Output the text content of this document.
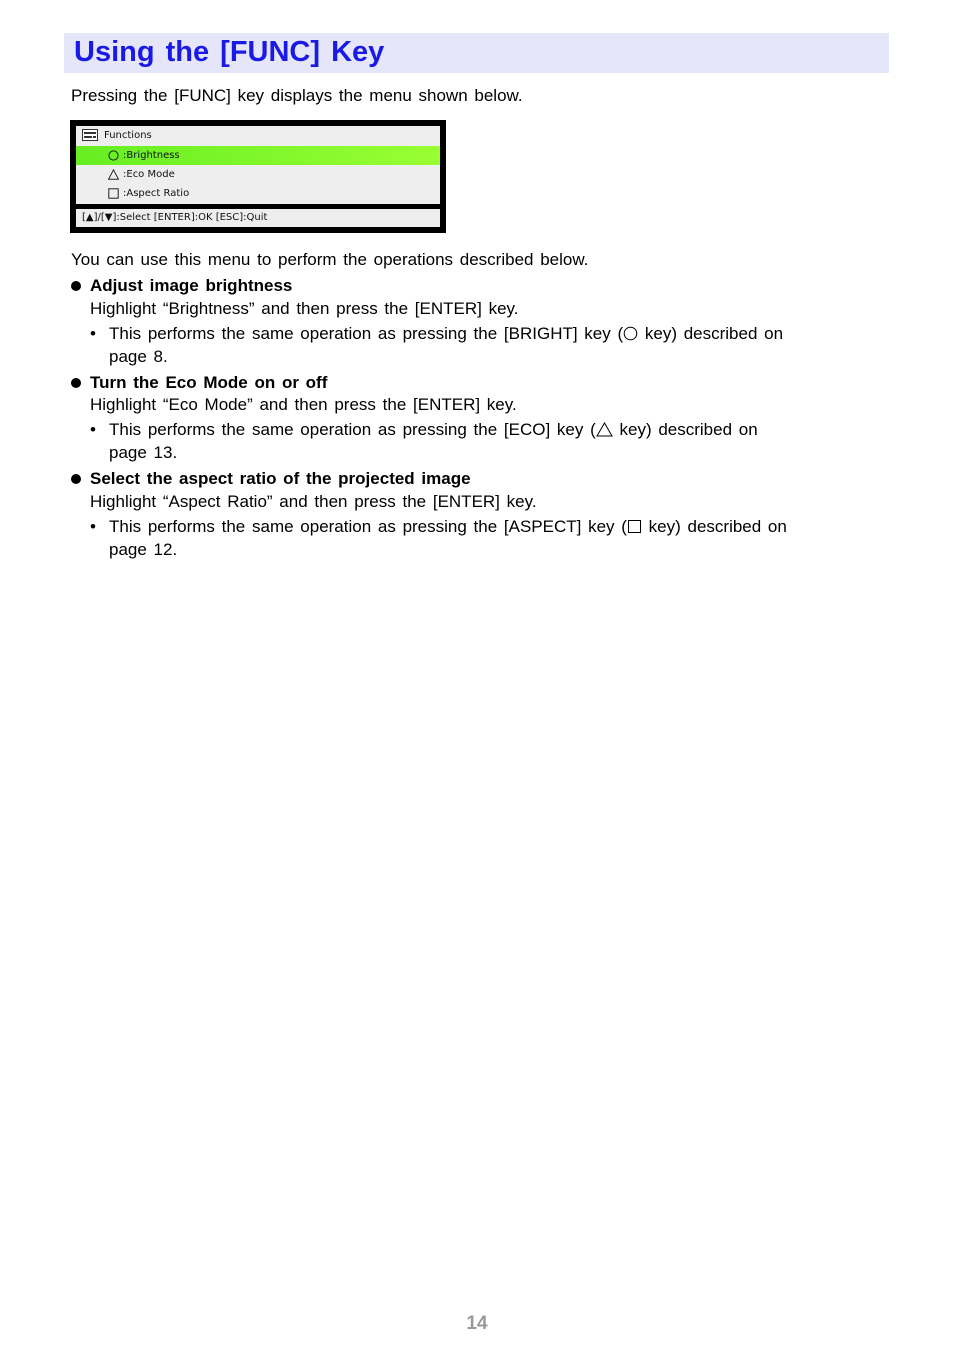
Using the [FUNC] Key
Pressing the [FUNC] key displays the menu shown below.
Functions
:Brightness
:Eco Mode
:Aspect Ratio
[▲]/[▼]:Select [ENTER]:OK [ESC]:Quit
You can use this menu to perform the operations described below.
Adjust image brightness
Highlight “Brightness” and then press the [ENTER] key.
• This performs the same operation as pressing the [BRIGHT] key ( key) described on
page 8.
Turn the Eco Mode on or off
Highlight “Eco Mode” and then press the [ENTER] key.
• This performs the same operation as pressing the [ECO] key ( key) described on
page 13.
Select the aspect ratio of the projected image
Highlight “Aspect Ratio” and then press the [ENTER] key.
• This performs the same operation as pressing the [ASPECT] key ( key) described on
page 12.
14
